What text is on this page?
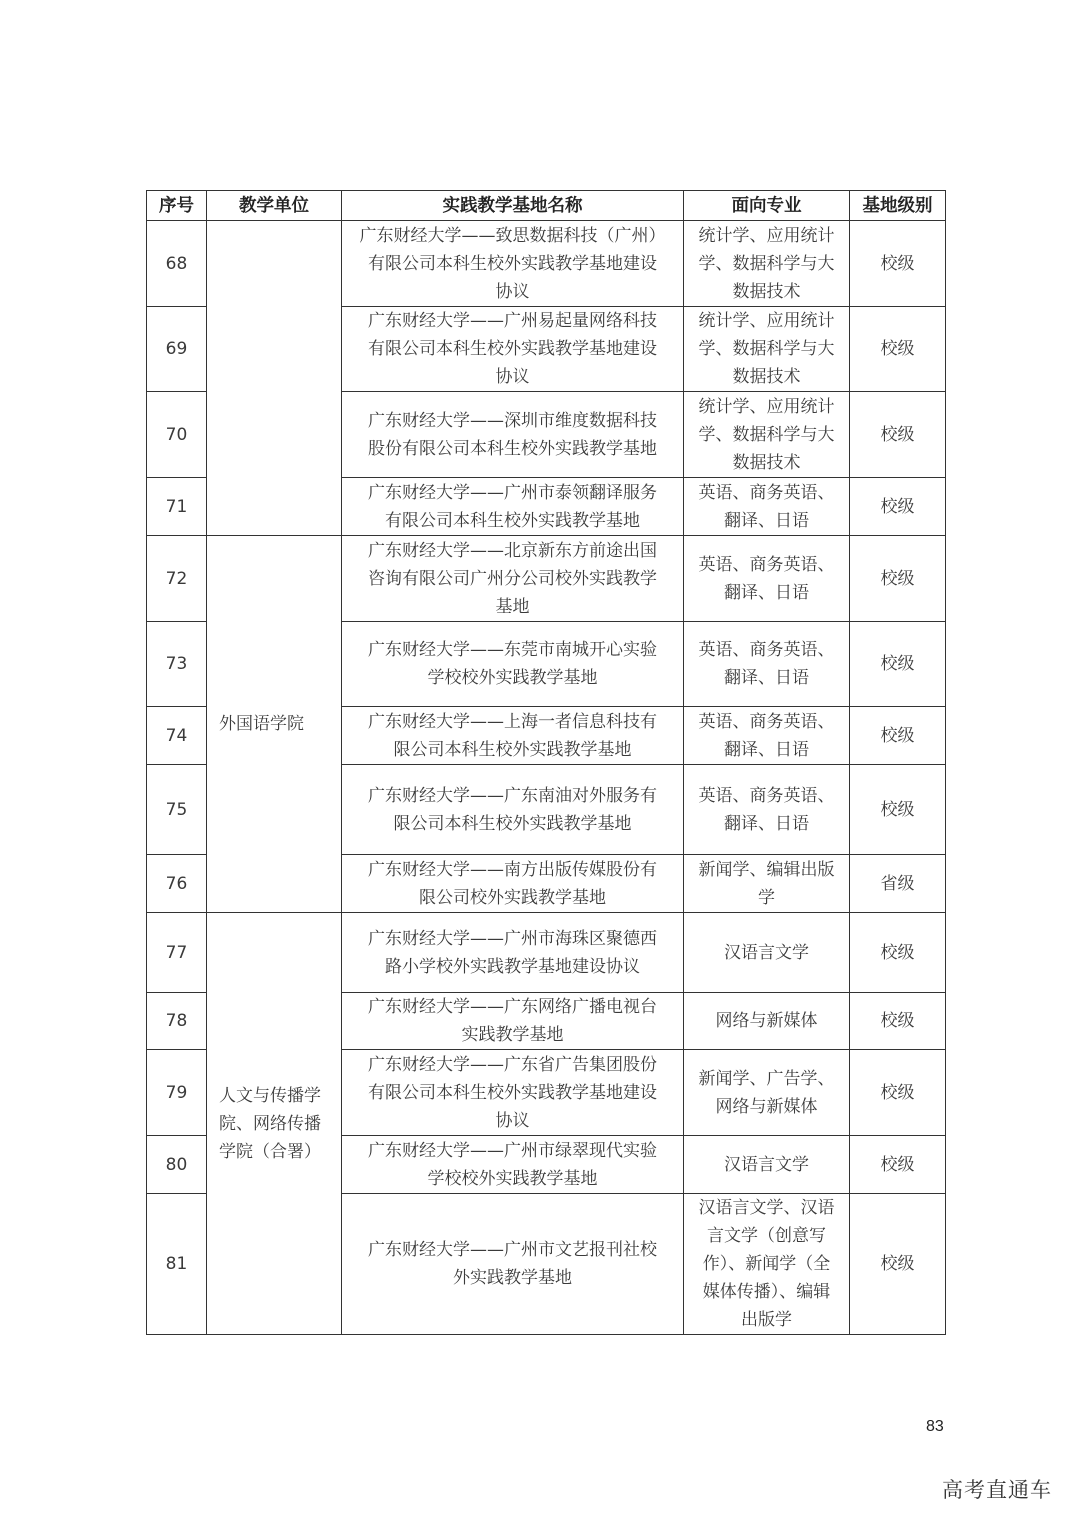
序号	教学单位	实践教学基地名称	面向专业	基地级别
68		广东财经大学——致思数据科技（广州）
有限公司本科生校外实践教学基地建设
协议	统计学、应用统计
学、数据科学与大
数据技术	校级
69		广东财经大学——广州易起量网络科技
有限公司本科生校外实践教学基地建设
协议	统计学、应用统计
学、数据科学与大
数据技术	校级
70		广东财经大学——深圳市维度数据科技
股份有限公司本科生校外实践教学基地	统计学、应用统计
学、数据科学与大
数据技术	校级
71		广东财经大学——广州市泰领翻译服务
有限公司本科生校外实践教学基地	英语、商务英语、
翻译、日语	校级
72	外国语学院	广东财经大学——北京新东方前途出国
咨询有限公司广州分公司校外实践教学
基地	英语、商务英语、
翻译、日语	校级
73		广东财经大学——东莞市南城开心实验
学校校外实践教学基地	英语、商务英语、
翻译、日语	校级
74		广东财经大学——上海一者信息科技有
限公司本科生校外实践教学基地	英语、商务英语、
翻译、日语	校级
75		广东财经大学——广东南油对外服务有
限公司本科生校外实践教学基地	英语、商务英语、
翻译、日语	校级
76		广东财经大学——南方出版传媒股份有
限公司校外实践教学基地	新闻学、编辑出版
学	省级
77	人文与传播学
院、网络传播
学院（合署）	广东财经大学——广州市海珠区聚德西
路小学校外实践教学基地建设协议	汉语言文学	校级
78		广东财经大学——广东网络广播电视台
实践教学基地	网络与新媒体	校级
79		广东财经大学——广东省广告集团股份
有限公司本科生校外实践教学基地建设
协议	新闻学、广告学、
网络与新媒体	校级
80		广东财经大学——广州市绿翠现代实验
学校校外实践教学基地	汉语言文学	校级
81		广东财经大学——广州市文艺报刊社校
外实践教学基地	汉语言文学、汉语
言文学（创意写
作）、新闻学（全
媒体传播）、编辑
出版学	校级
83
高考直通车
